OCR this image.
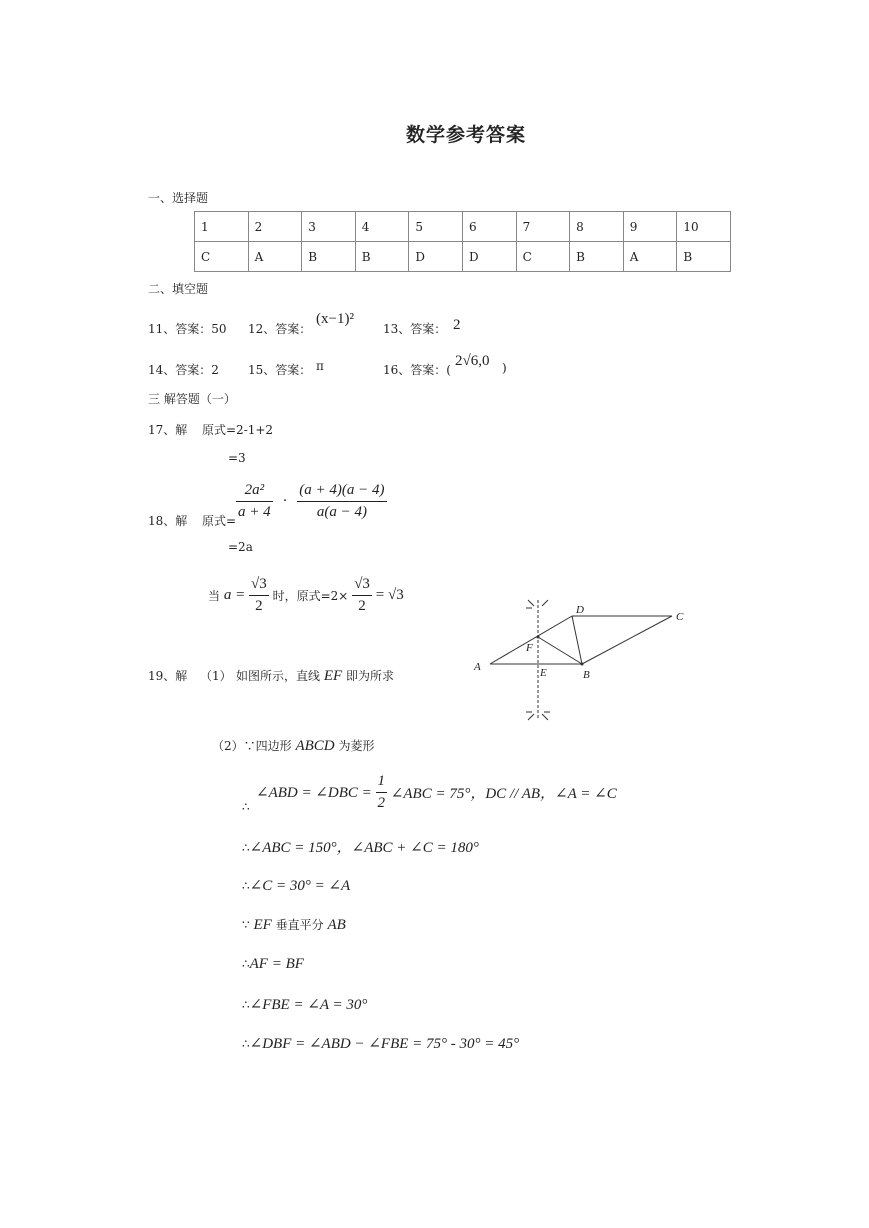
数学参考答案
一、选择题
1	2	3	4	5	6	7	8	9	10
C	A	B	B	D	D	C	B	A	B
二、填空题
11、答案：50 12、答案：
(x−1)²
13、答案： 2
14、答案：2 15、答案： π	16、答案：(
2√6,0 )
三 解答题（一）
17、解 原式=2-1+2
=3
18、解 原式= $\frac{\text{2a²}}{a + 4} \cdot \frac{(a + 4)(a - 4)}{a(a - 4)}$
=2a
当 $a = \frac{√3}{2}$ 时，原式$=2\times \frac{√3}{2} = √3$
19、解 （1） 如图所示，直线 EF 即为所求
A
B
C
D
E
F
（2）∵四边形 ABCD 为菱形
∴
∠ABD = ∠DBC = $\frac{1}{2}$ ∠ABC = 75°，DC // AB，∠A = ∠C
∴∠ABC = 150°，∠ABC + ∠C = 180°
∴∠C = 30° = ∠A
∵ EF 垂直平分 AB
∴AF = BF
∴∠FBE = ∠A = 30°
∴∠DBF = ∠ABD − ∠FBE = 75° - 30° = 45°
